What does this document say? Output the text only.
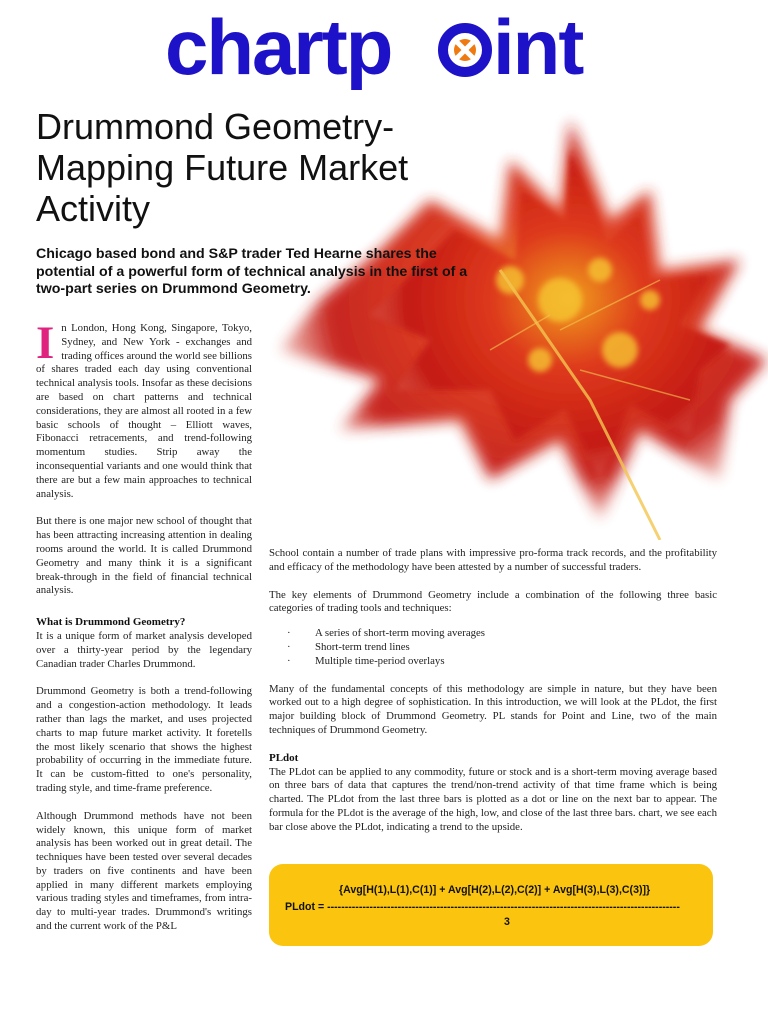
chartp int
Drummond Geometry-
Mapping Future Market
Activity

Chicago based bond and S&P trader Ted Hearne shares the potential of a powerful form of technical analysis in the first of a two-part series on Drummond Geometry.

In London, Hong Kong, Singapore, Tokyo, Sydney, and New York - exchanges and trading offices around the world see billions of shares traded each day using conventional technical analysis tools. Insofar as these decisions are based on chart patterns and technical considerations, they are almost all rooted in a few basic schools of thought – Elliott waves, Fibonacci retracements, and trend-following momentum studies. Strip away the inconsequential variants and one would think that there are but a few main approaches to technical analysis.

But there is one major new school of thought that has been attracting increasing attention in dealing rooms around the world. It is called Drummond Geometry and many think it is a significant break-through in the field of financial technical analysis.

What is Drummond Geometry?

It is a unique form of market analysis developed over a thirty-year period by the legendary Canadian trader Charles Drummond.

Drummond Geometry is both a trend-following and a congestion-action methodology. It leads rather than lags the market, and uses projected charts to map future market activity. It foretells the most likely scenario that shows the highest probability of occurring in the immediate future. It can be custom-fitted to one's personality, trading style, and time-frame preference.

Although Drummond methods have not been widely known, this unique form of market analysis has been worked out in great detail. The techniques have been tested over several decades by traders on five continents and have been applied in many different markets employing various trading styles and timeframes, from intra-day to multi-year trades. Drummond's writings and the current work of the P&L

School contain a number of trade plans with impressive pro-forma track records, and the profitability and efficacy of the methodology have been attested by a number of successful traders.

The key elements of Drummond Geometry include a combination of the following three basic categories of trading tools and techniques:

· A series of short-term moving averages
· Short-term trend lines
· Multiple time-period overlays

Many of the fundamental concepts of this methodology are simple in nature, but they have been worked out to a high degree of sophistication. In this introduction, we will look at the PLdot, the first major building block of Drummond Geometry. PL stands for Point and Line, two of the main techniques of Drummond Geometry.

PLdot

The PLdot can be applied to any commodity, future or stock and is a short-term moving average based on three bars of data that captures the trend/non-trend activity of that time frame which is being charted. The PLdot from the last three bars is plotted as a dot or line on the next bar to appear. The formula for the PLdot is the average of the high, low, and close of the last three bars. chart, we see each bar close above the PLdot, indicating a trend to the upside.

{Avg[H(1),L(1),C(1)] + Avg[H(2),L(2),C(2)] + Avg[H(3),L(3),C(3)]}
PLdot = ----------------------------------------------------------------------------------------------------
3
